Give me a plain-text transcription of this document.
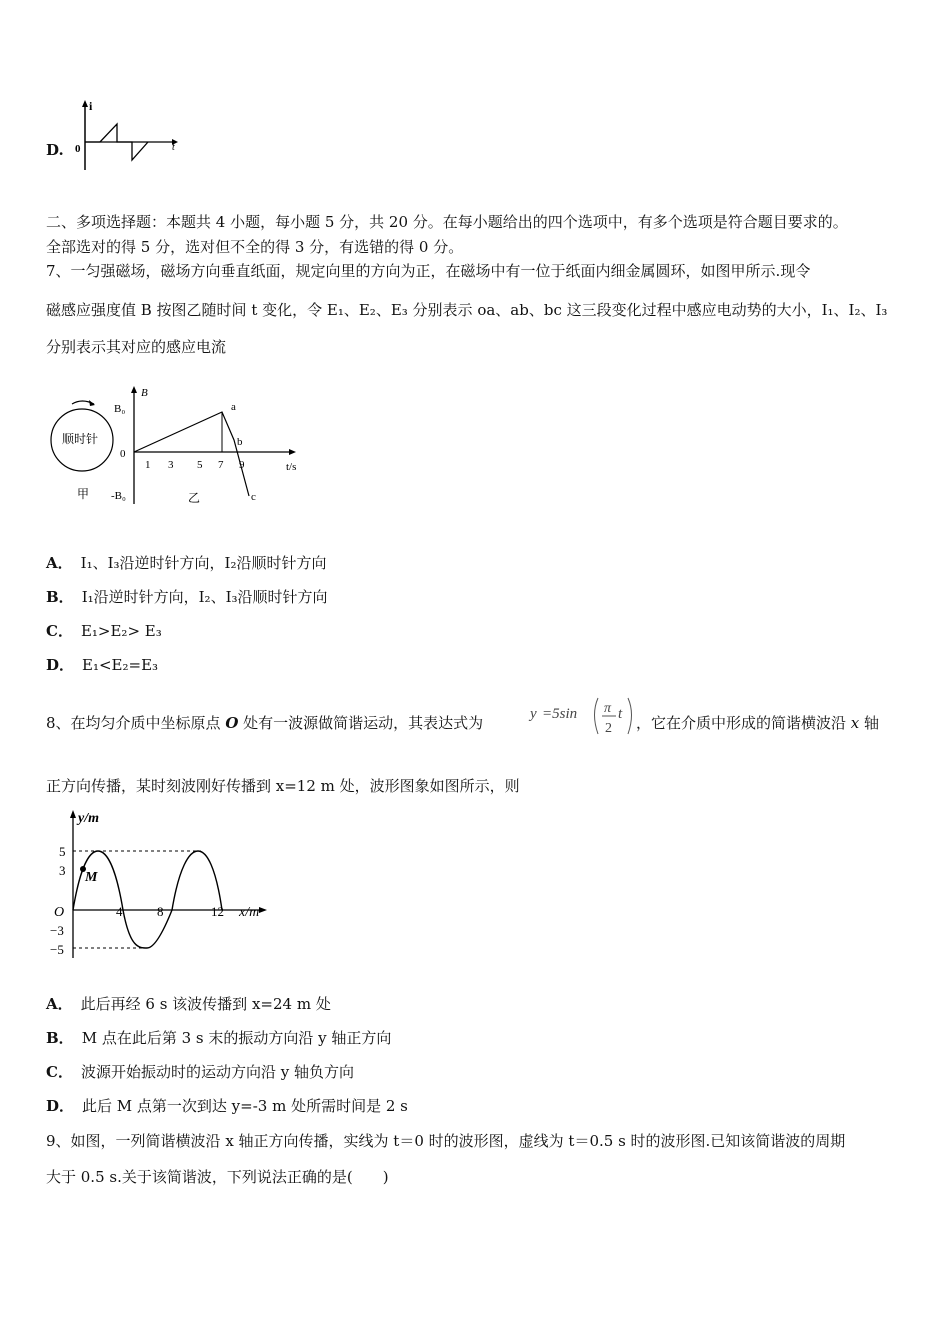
D.
i
t
0
二、多项选择题：本题共 4 小题，每小题 5 分，共 20 分。在每小题给出的四个选项中，有多个选项是符合题目要求的。
全部选对的得 5 分，选对但不全的得 3 分，有选错的得 0 分。
7、一匀强磁场，磁场方向垂直纸面，规定向里的方向为正，在磁场中有一位于纸面内细金属圆环，如图甲所示.现令
磁感应强度值 B 按图乙随时间 t 变化，令 E₁、E₂、E₃ 分别表示 oa、ab、bc 这三段变化过程中感应电动势的大小，I₁、I₂、I₃
分别表示其对应的感应电流
顺时针
甲
B
t/s
0
B₀
-B₀
1 3 5 7 9
a
b
c
乙
A． I₁、I₃沿逆时针方向，I₂沿顺时针方向
B． I₁沿逆时针方向，I₂、I₃沿顺时针方向
C． E₁>E₂> E₃
D． E₁<E₂=E₃
8、在均匀介质中坐标原点 O 处有一波源做简谐运动，其表达式为	y =5sin π
2
t ，它在介质中形成的简谐横波沿 x 轴
正方向传播，某时刻波刚好传播到 x=12 m 处，波形图象如图所示，则
y/m
x/m
O
5
3
−3
−5
4	8	12
M
A． 此后再经 6 s 该波传播到 x=24 m 处
B． M 点在此后第 3 s 末的振动方向沿 y 轴正方向
C． 波源开始振动时的运动方向沿 y 轴负方向
D． 此后 M 点第一次到达 y=-3 m 处所需时间是 2 s
9、如图，一列简谐横波沿 x 轴正方向传播，实线为 t＝0 时的波形图，虚线为 t＝0.5 s 时的波形图.已知该简谐波的周期
大于 0.5 s.关于该简谐波，下列说法正确的是(　　)
